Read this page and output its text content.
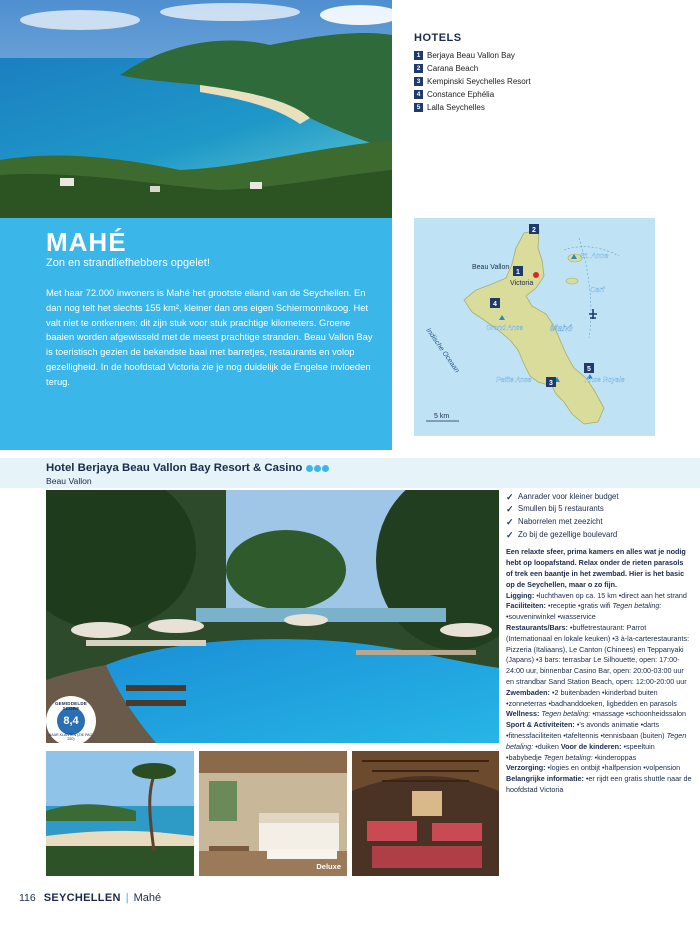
HOTELS
1 Berjaya Beau Vallon Bay
2 Carana Beach
3 Kempinski Seychelles Resort
4 Constance Ephélia
5 Lalla Seychelles
MAHÉ
Zon en strandliefhebbers opgelet!
Met haar 72.000 inwoners is Mahé het grootste eiland van de Seychellen. En dan nog telt het slechts 155 km², kleiner dan ons eigen Schiermonnikoog. Het valt niet te ontkennen: dit zijn stuk voor stuk prachtige kilometers. Groene baaien worden afgewisseld met de meest prachtige stranden. Beau Vallon Bay is toeristisch gezien de bekendste baai met barretjes, restaurants en volop gezelligheid. In de hoofdstad Victoria zie je nog duidelijk de Engelse invloeden terug.
2
1
4
5
3
Beau Vallon
Victoria
St. Anne
Cerf
Grand Anse	Mahé
Indische Oceaan
Petite Anse	Anse Royale
5 km
Hotel Berjaya Beau Vallon Bay Resort & Casino
Beau Vallon
GEMIDDELDE SCORE
8,4
NAAR KLANTEN (ZIE PAG. 250)
Deluxe
✓ Aanrader voor kleiner budget
✓ Smullen bij 5 restaurants
✓ Naborrelen met zeezicht
✓ Zo bij de gezellige boulevard
Een relaxte sfeer, prima kamers en alles wat je nodig hebt op loopafstand. Relax onder de rieten parasols of trek een baantje in het zwembad. Hier is het basic op de Seychellen, maar o zo fijn.
Ligging: •luchthaven op ca. 15 km •direct aan het strand
Faciliteiten: •receptie •gratis wifi Tegen betaling: •souvenirwinkel •wasservice
Restaurants/Bars: •buffetrestaurant: Parrot (Internationaal en lokale keuken) •3 à-la-carterestaurants: Pizzeria (Italiaans), Le Canton (Chinees) en Teppanyaki (Japans) •3 bars: terrasbar Le Silhouette, open: 17:00-24:00 uur, binnenbar Casino Bar, open: 20:00-03:00 uur en strandbar Sand Station Beach, open: 12:00-20:00 uur Zwembaden: •2 buitenbaden •kinderbad buiten •zonneterras •badhanddoeken, ligbedden en parasols Wellness: Tegen betaling: •massage •schoonheidssalon Sport & Activiteiten: •'s avonds animatie •darts •fitnessfaciliteiten •tafeltennis •tennisbaan (buiten) Tegen betaling: •duiken Voor de kinderen: •speeltuin •babybedje Tegen betaling: •kinderoppas
Verzorging: •logies en ontbijt •halfpension •volpension
Belangrijke informatie: •er rijdt een gratis shuttle naar de hoofdstad Victoria
116 SEYCHELLEN | Mahé
